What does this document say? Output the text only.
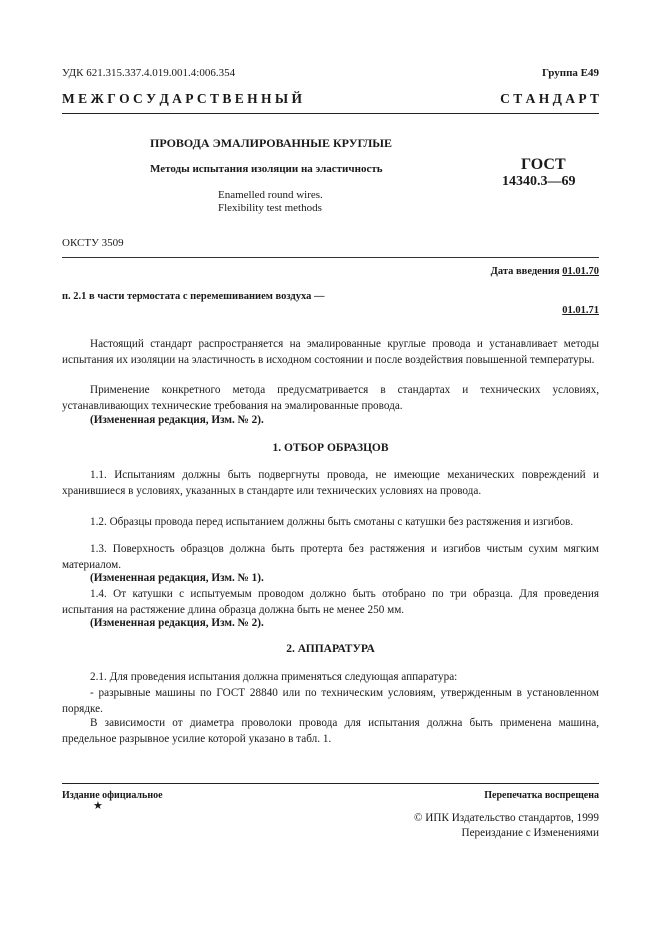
УДК 621.315.337.4.019.001.4:006.354	Группа Е49
М Е Ж Г О С У Д А Р С Т В Е Н Н Ы Й	С Т А Н Д А Р Т
ПРОВОДА ЭМАЛИРОВАННЫЕ КРУГЛЫЕ
Методы испытания изоляции на эластичность
Enamelled round wires.
Flexibility test methods
ГОСТ
14340.3—69
ОКСТУ 3509
Дата введения 01.01.70
п. 2.1 в части термостата с перемешиванием воздуха —
01.01.71
Настоящий стандарт распространяется на эмалированные круглые провода и устанавливает методы испытания их изоляции на эластичность в исходном состоянии и после воздействия повышенной температуры.
Применение конкретного метода предусматривается в стандартах и технических условиях, устанавливающих технические требования на эмалированные провода.
(Измененная редакция, Изм. № 2).
1. ОТБОР ОБРАЗЦОВ
1.1. Испытаниям должны быть подвергнуты провода, не имеющие механических повреждений и хранившиеся в условиях, указанных в стандарте или технических условиях на провода.
1.2. Образцы провода перед испытанием должны быть смотаны с катушки без растяжения и изгибов.
1.3. Поверхность образцов должна быть протерта без растяжения и изгибов чистым сухим мягким материалом.
(Измененная редакция, Изм. № 1).
1.4. От катушки с испытуемым проводом должно быть отобрано по три образца. Для проведения испытания на растяжение длина образца должна быть не менее 250 мм.
(Измененная редакция, Изм. № 2).
2. АППАРАТУРА
2.1. Для проведения испытания должна применяться следующая аппаратура:
- разрывные машины по ГОСТ 28840 или по техническим условиям, утвержденным в установленном порядке.
В зависимости от диаметра проволоки провода для испытания должна быть применена машина, предельное разрывное усилие которой указано в табл. 1.
Издание официальное
★
Перепечатка воспрещена
© ИПК Издательство стандартов, 1999
Переиздание с Изменениями
